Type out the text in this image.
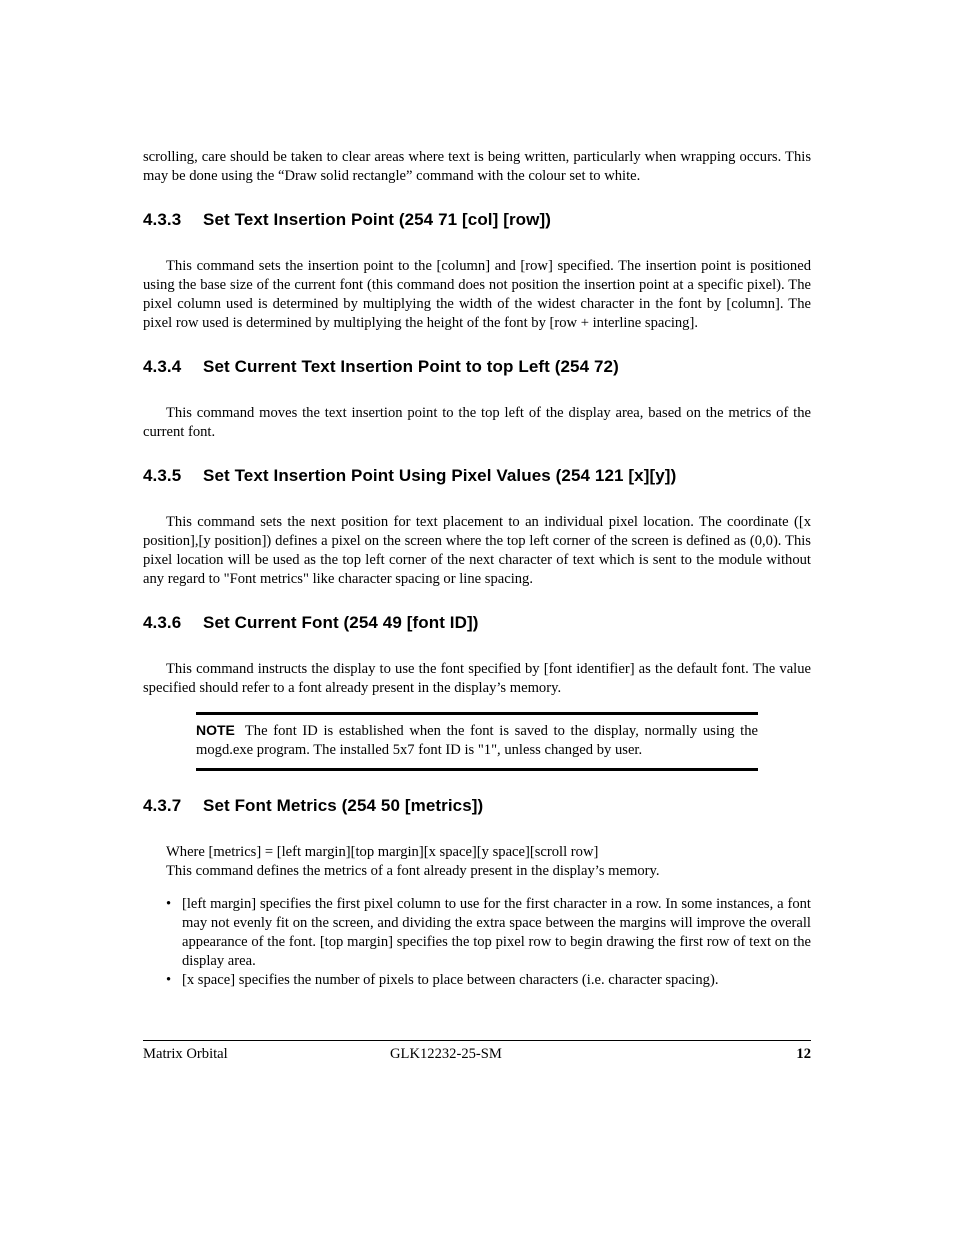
scrolling, care should be taken to clear areas where text is being written, particularly when wrapping occurs. This may be done using the “Draw solid rectangle” command with the colour set to white.

4.3.3 Set Text Insertion Point (254 71 [col] [row])

This command sets the insertion point to the [column] and [row] specified. The insertion point is positioned using the base size of the current font (this command does not position the insertion point at a specific pixel). The pixel column used is determined by multiplying the width of the widest character in the font by [column]. The pixel row used is determined by multiplying the height of the font by [row + interline spacing].

4.3.4 Set Current Text Insertion Point to top Left (254 72)

This command moves the text insertion point to the top left of the display area, based on the metrics of the current font.

4.3.5 Set Text Insertion Point Using Pixel Values (254 121 [x][y])

This command sets the next position for text placement to an individual pixel location. The coordinate ([x position],[y position]) defines a pixel on the screen where the top left corner of the screen is defined as (0,0). This pixel location will be used as the top left corner of the next character of text which is sent to the module without any regard to "Font metrics" like character spacing or line spacing.

4.3.6 Set Current Font (254 49 [font ID])

This command instructs the display to use the font specified by [font identifier] as the default font. The value specified should refer to a font already present in the display’s memory.

NOTE The font ID is established when the font is saved to the display, normally using the mogd.exe program. The installed 5x7 font ID is "1", unless changed by user.

4.3.7 Set Font Metrics (254 50 [metrics])

Where [metrics] = [left margin][top margin][x space][y space][scroll row]

This command defines the metrics of a font already present in the display’s memory.

• [left margin] specifies the first pixel column to use for the first character in a row. In some instances, a font may not evenly fit on the screen, and dividing the extra space between the margins will improve the overall appearance of the font. [top margin] specifies the top pixel row to begin drawing the first row of text on the display area.
• [x space] specifies the number of pixels to place between characters (i.e. character spacing).
Matrix Orbital	GLK12232-25-SM	12
